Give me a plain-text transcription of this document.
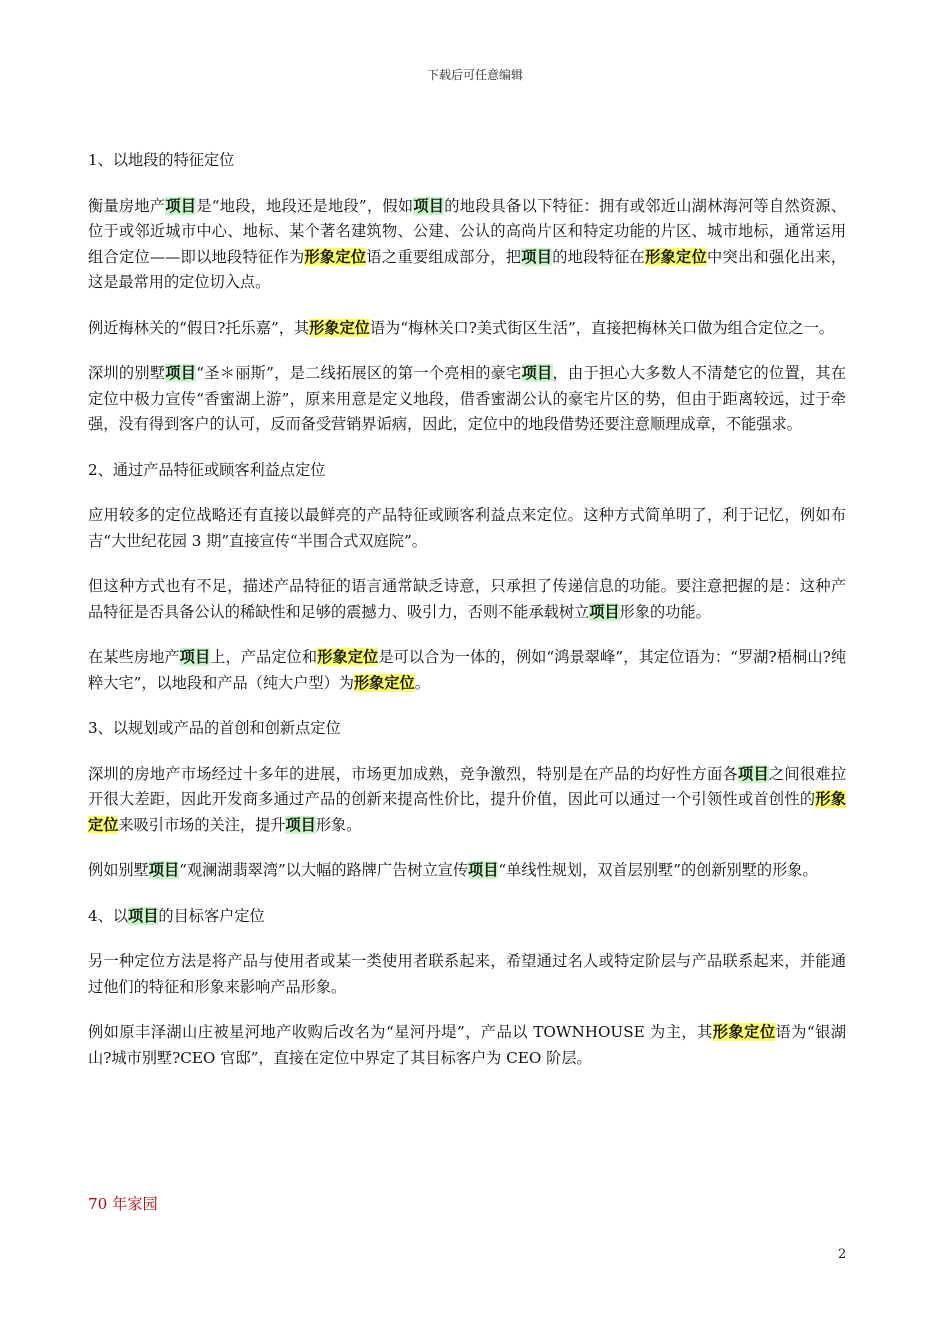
下载后可任意编辑

1、以地段的特征定位

衡量房地产项目是“地段，地段还是地段”，假如项目的地段具备以下特征：拥有或邻近山湖林海河等自然资源、位于或邻近城市中心、地标、某个著名建筑物、公建、公认的高尚片区和特定功能的片区、城市地标，通常运用组合定位——即以地段特征作为形象定位语之重要组成部分，把项目的地段特征在形象定位中突出和强化出来，这是最常用的定位切入点。

例近梅林关的“假日?托乐嘉”，其形象定位语为“梅林关口?美式街区生活”，直接把梅林关口做为组合定位之一。

深圳的别墅项目“圣＊丽斯”，是二线拓展区的第一个亮相的豪宅项目，由于担心大多数人不清楚它的位置，其在定位中极力宣传“香蜜湖上游”，原来用意是定义地段，借香蜜湖公认的豪宅片区的势，但由于距离较远，过于牵强，没有得到客户的认可，反而备受营销界诟病，因此，定位中的地段借势还要注意顺理成章，不能强求。

2、通过产品特征或顾客利益点定位

应用较多的定位战略还有直接以最鲜亮的产品特征或顾客利益点来定位。这种方式简单明了，利于记忆，例如布吉“大世纪花园 3 期”直接宣传“半围合式双庭院”。

但这种方式也有不足，描述产品特征的语言通常缺乏诗意，只承担了传递信息的功能。要注意把握的是：这种产品特征是否具备公认的稀缺性和足够的震撼力、吸引力，否则不能承载树立项目形象的功能。

在某些房地产项目上，产品定位和形象定位是可以合为一体的，例如“鸿景翠峰”，其定位语为：“罗湖?梧桐山?纯粹大宅”，以地段和产品（纯大户型）为形象定位。

3、以规划或产品的首创和创新点定位

深圳的房地产市场经过十多年的进展，市场更加成熟，竞争激烈，特别是在产品的均好性方面各项目之间很难拉开很大差距，因此开发商多通过产品的创新来提高性价比，提升价值，因此可以通过一个引领性或首创性的形象定位来吸引市场的关注，提升项目形象。

例如别墅项目“观澜湖翡翠湾”以大幅的路牌广告树立宣传项目“单线性规划，双首层别墅”的创新别墅的形象。

4、以项目的目标客户定位

另一种定位方法是将产品与使用者或某一类使用者联系起来，希望通过名人或特定阶层与产品联系起来，并能通过他们的特征和形象来影响产品形象。

例如原丰泽湖山庄被星河地产收购后改名为“星河丹堤”，产品以 TOWNHOUSE 为主，其形象定位语为“银湖山?城市别墅?CEO 官邸”，直接在定位中界定了其目标客户为 CEO 阶层。

70 年家园
2
